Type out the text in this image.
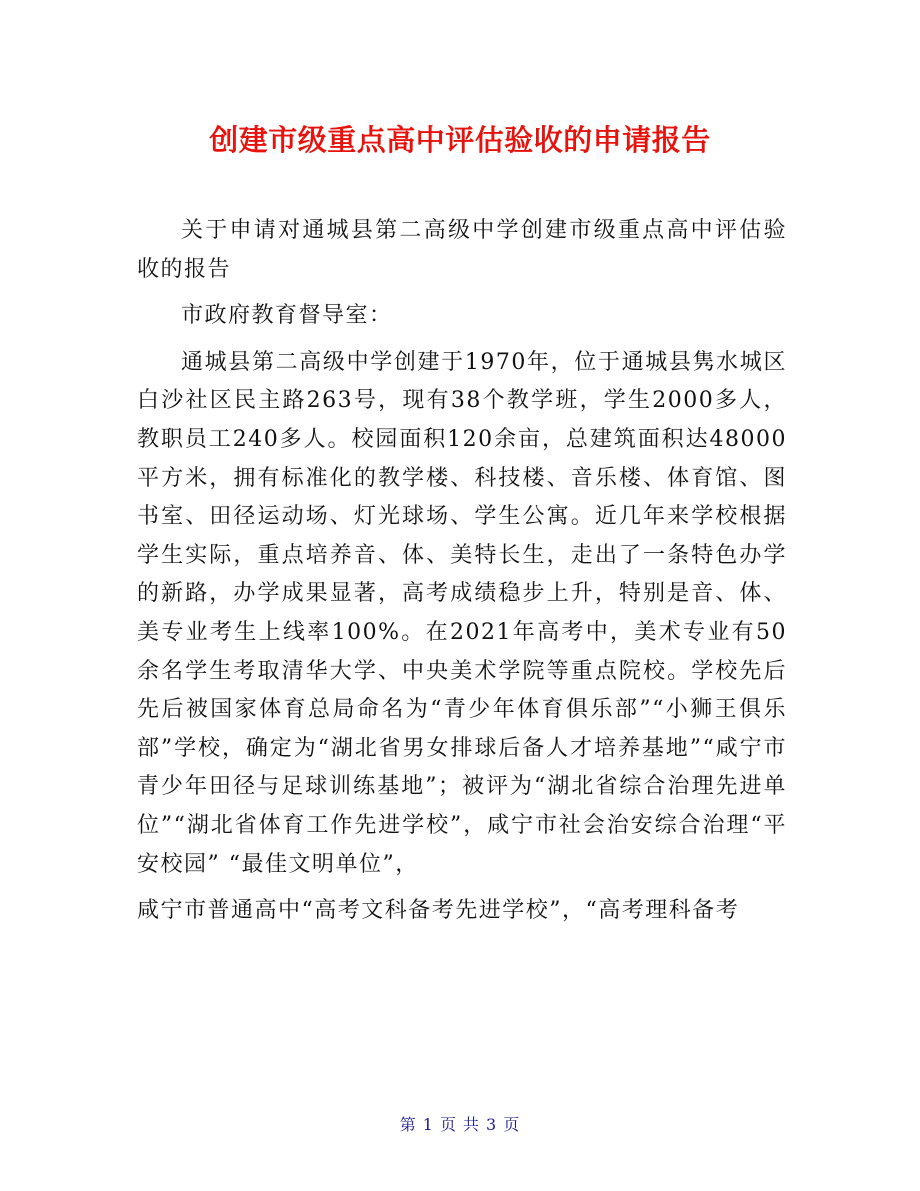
创建市级重点高中评估验收的申请报告

关于申请对通城县第二高级中学创建市级重点高中评估验收的报告

市政府教育督导室：

通城县第二高级中学创建于1970年，位于通城县隽水城区白沙社区民主路263号，现有38个教学班，学生2000多人，教职员工240多人。校园面积120余亩，总建筑面积达48000平方米，拥有标准化的教学楼、科技楼、音乐楼、体育馆、图书室、田径运动场、灯光球场、学生公寓。近几年来学校根据学生实际，重点培养音、体、美特长生，走出了一条特色办学的新路，办学成果显著，高考成绩稳步上升，特别是音、体、美专业考生上线率100%。在2021年高考中，美术专业有50余名学生考取清华大学、中央美术学院等重点院校。学校先后先后被国家体育总局命名为“青少年体育俱乐部”“小狮王俱乐部”学校，确定为“湖北省男女排球后备人才培养基地”“咸宁市青少年田径与足球训练基地”；被评为“湖北省综合治理先进单位”“湖北省体育工作先进学校”，咸宁市社会治安综合治理“平安校园” “最佳文明单位”，

咸宁市普通高中“高考文科备考先进学校”，“高考理科备考

第 1 页 共 3 页
